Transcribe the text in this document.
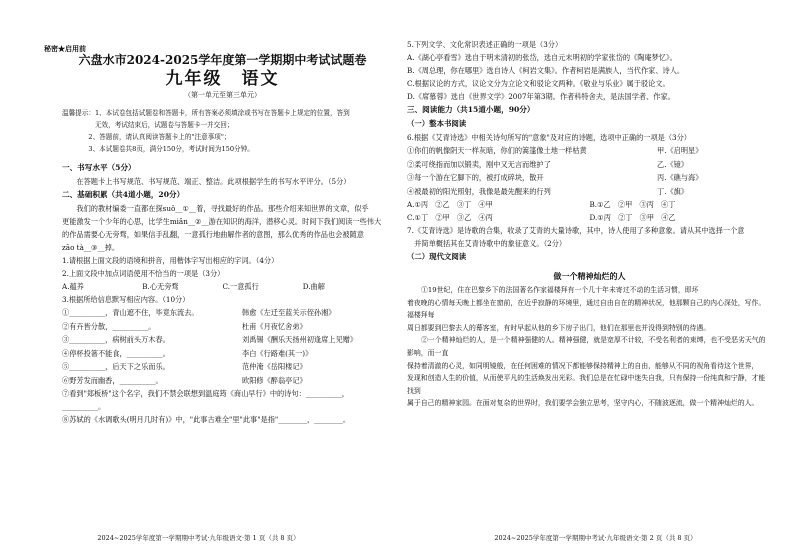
秘密★启用前
六盘水市2024-2025学年度第一学期期中考试试题卷
九年级　语文
（第一单元至第三单元）
温馨提示：1、本试卷包括试题卷和答题卡，所有答案必须填涂或书写在答题卡上规定的位置，答到
　　　　　无效，考试结束后，试题卷与答题卡一并交回；
　　　　2、答题前，请认真阅读答题卡上的"注意事项"；
　　　　3、本试题卷共8页，满分150分，考试时间为150分钟。
一、书写水平（5分）
　　在答题卡上书写规范、书写规范、端正、整洁。此项根据学生的书写水平评分。（5分）
二、基础积累（共4道小题，20分）
　　我们的教材编委一直都在探suǒ__①__着，寻找最好的作品。那些介绍来知世界的文章，似乎
更能激发一个少年的心思，比学生miǎn__②__游在知识的海洋，潜移心灵。时间下我们阅读一些伟大
的作品需要心无旁骛，如果信手乱翻，一意孤行地曲解作者的意图，那么优秀的作品也会被随意
zāo tà__③__掉。
1.请根据上面文段的语境和拼音，用楷体字写出相应的字词。（4分）
2.上面文段中加点词语使用不恰当的一项是（3分）
A.蕴养	B.心无旁骛	C.一意孤行	D.曲解
3.根据所给信息默写相应内容。（10分）
①__________，青山遮不住，毕竟东流去。	韩愈《左迁至蓝关示侄孙湘》
②有卉皆分散，__________。	杜甫《月夜忆舍弟》
③__________，病树前头万木春。	刘禹锡《酬乐天扬州初逢席上见赠》
④停杯投箸不能食，__________。	李白《行路难(其一)》
⑤__________，后天下之乐而乐。	范仲淹《岳阳楼记》
⑥野芳发而幽香，__________。	欧阳修《醉翁亭记》
⑦看到"郑板桥"这个名字，我们不禁会联想到温庭筠《商山早行》中的诗句：__________，
__________。
⑧苏轼的《水调歌头(明月几时有)》中，"此事古难全"里"此事"是指"________，________。
2024~2025学年度第一学期期中考试·九年级语文·第 1 页（共 8 页）
5.下列文学、文化常识表述正确的一项是（3分）
A.《湖心亭看雪》选自于明末清初的张岱，选自元末明初的学家张岱的《陶庵梦忆》。
B.《周总理，你在哪里》选自诗人《柯岩文集》。作者柯岩是满族人，当代作家、诗人。
C.根据议论的方式，议论文分为立论文和驳论文两种。《敬业与乐业》属于驳论文。
D.《席慕蓉》选自《世界文学》2007年第3期。作者科特舍夫，是法国学者、作家。
三、阅读能力（共15道小题，90分）
（一）整本书阅读
6.根据《艾青诗选》中相关诗句所写的"意象"及对应的诗题，选项中正确的一项是（3分）
①你们的帆像阴天一样灰暗，你们的篙篷像土地一样枯黄	甲.《启明星》
②柔可绕指而加以锻卖，刚中又无言而维护了	乙.《镜》
③每一个游在它脚下的，被打成碎块，散开	丙.《礁与海》
④被最初的阳光照射，我像是最先醒来的行列	丁.《旗》
A.①丙　②乙　③丁　④甲	B.①乙　②甲　③丙　④丁
C.①丁　②甲　③乙　④丙	D.①丙　②丁　③甲　④乙
7.《艾青诗选》是诗歌的合集，收录了艾青的大量诗歌，其中，诗人使用了多种意象。请从其中选择一个意
　并简单概括其在艾青诗歌中的象征意义。（2分）
（二）现代文阅读
做一个精神灿烂的人
①19世纪，住在巴黎乡下的法国著名作家福楼拜有一个几十年未寄过不动的生活习惯，即坏
着夜晚的心情每天晚上都坐在窗前，在近乎寂静的环境里，通过自由自在的精神状况，他那颗自己的内心深处，写作。福楼拜每
周日都要到巴黎去人的幕客室，有时早起从他的乡下房子出门，他们在那里也并没得到特别的待遇。
②一个精神灿烂的人，是一个精神强健的人。精神强健，就是宽厚不计较，不受名利者的束缚，也不受恶劣天气的影响，而一直
保持着清澈的心灵，如同明镜般，在任何困难的情况下都能够保持精神上的自由，能够从不同的视角看待这个世界，
发现和创造人生的价值，从而使平凡的生活焕发出光彩。我们总是在忙碌中迷失自我，只有保持一份纯真和宁静，才能找到
属于自己的精神家园。在面对复杂的世界时，我们要学会独立思考，坚守内心，不随波逐流，做一个精神灿烂的人。
2024~2025学年度第一学期期中考试·九年级语文·第 2 页（共 8 页）
